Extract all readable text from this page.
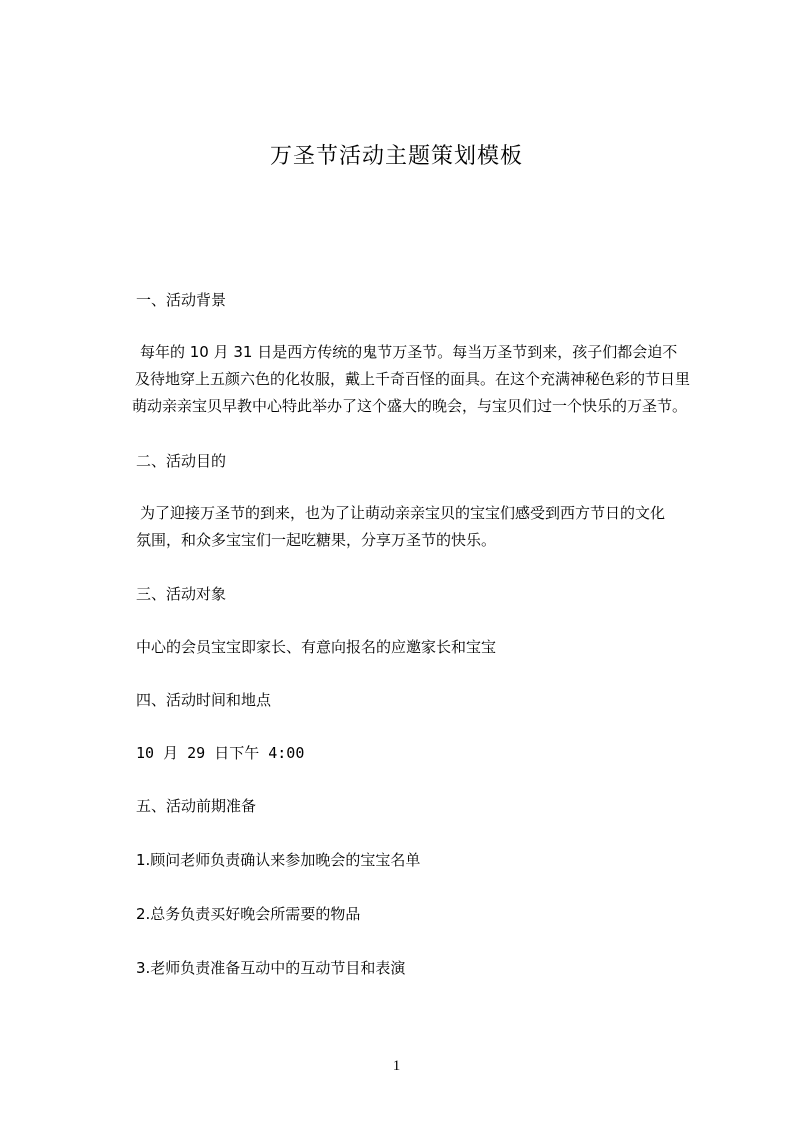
万圣节活动主题策划模板
一、活动背景

每年的 10 月 31 日是西方传统的鬼节万圣节。每当万圣节到来，孩子们都会迫不

及待地穿上五颜六色的化妆服，戴上千奇百怪的面具。在这个充满神秘色彩的节日里

萌动亲亲宝贝早教中心特此举办了这个盛大的晚会，与宝贝们过一个快乐的万圣节。

二、活动目的

为了迎接万圣节的到来，也为了让萌动亲亲宝贝的宝宝们感受到西方节日的文化

氛围，和众多宝宝们一起吃糖果，分享万圣节的快乐。

三、活动对象
中心的会员宝宝即家长、有意向报名的应邀家长和宝宝
四、活动时间和地点
10 月 29 日下午 4:00
五、活动前期准备
1.顾问老师负责确认来参加晚会的宝宝名单
2.总务负责买好晚会所需要的物品
3.老师负责准备互动中的互动节目和表演
1
